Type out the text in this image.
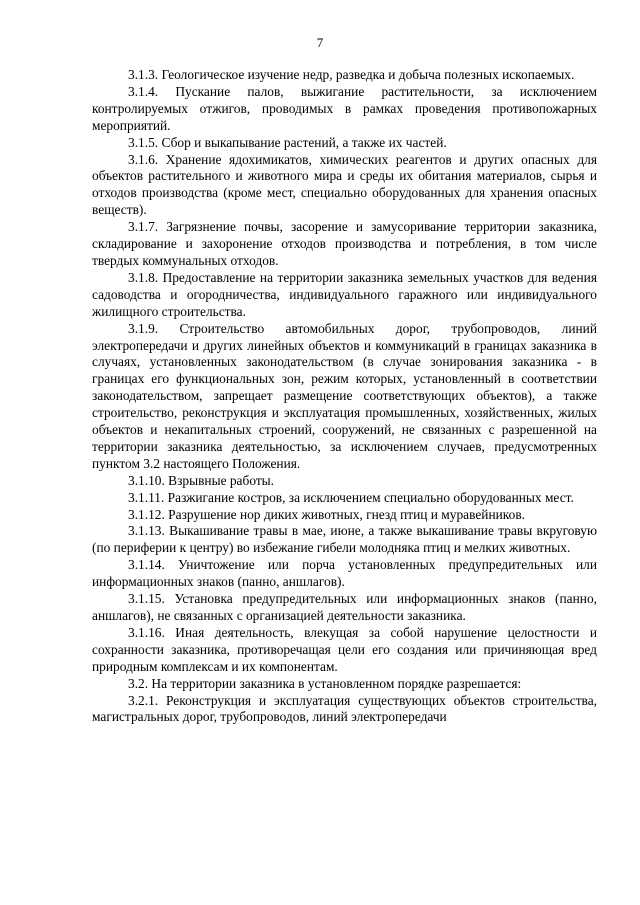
7

3.1.3. Геологическое изучение недр, разведка и добыча полезных ископаемых.

3.1.4. Пускание палов, выжигание растительности, за исключением контролируемых отжигов, проводимых в рамках проведения противопожарных мероприятий.

3.1.5. Сбор и выкапывание растений, а также их частей.

3.1.6. Хранение ядохимикатов, химических реагентов и других опасных для объектов растительного и животного мира и среды их обитания материалов, сырья и отходов производства (кроме мест, специально оборудованных для хранения опасных веществ).

3.1.7. Загрязнение почвы, засорение и замусоривание территории заказника, складирование и захоронение отходов производства и потребления, в том числе твердых коммунальных отходов.

3.1.8. Предоставление на территории заказника земельных участков для ведения садоводства и огородничества, индивидуального гаражного или индивидуального жилищного строительства.

3.1.9. Строительство автомобильных дорог, трубопроводов, линий электропередачи и других линейных объектов и коммуникаций в границах заказника в случаях, установленных законодательством (в случае зонирования заказника - в границах его функциональных зон, режим которых, установленный в соответствии законодательством, запрещает размещение соответствующих объектов), а также строительство, реконструкция и эксплуатация промышленных, хозяйственных, жилых объектов и некапитальных строений, сооружений, не связанных с разрешенной на территории заказника деятельностью, за исключением случаев, предусмотренных пунктом 3.2 настоящего Положения.

3.1.10. Взрывные работы.

3.1.11. Разжигание костров, за исключением специально оборудованных мест.

3.1.12. Разрушение нор диких животных, гнезд птиц и муравейников.

3.1.13. Выкашивание травы в мае, июне, а также выкашивание травы вкруговую (по периферии к центру) во избежание гибели молодняка птиц и мелких животных.

3.1.14. Уничтожение или порча установленных предупредительных или информационных знаков (панно, аншлагов).

3.1.15. Установка предупредительных или информационных знаков (панно, аншлагов), не связанных с организацией деятельности заказника.

3.1.16. Иная деятельность, влекущая за собой нарушение целостности и сохранности заказника, противоречащая цели его создания или причиняющая вред природным комплексам и их компонентам.

3.2. На территории заказника в установленном порядке разрешается:

3.2.1. Реконструкция и эксплуатация существующих объектов строительства, магистральных дорог, трубопроводов, линий электропередачи
